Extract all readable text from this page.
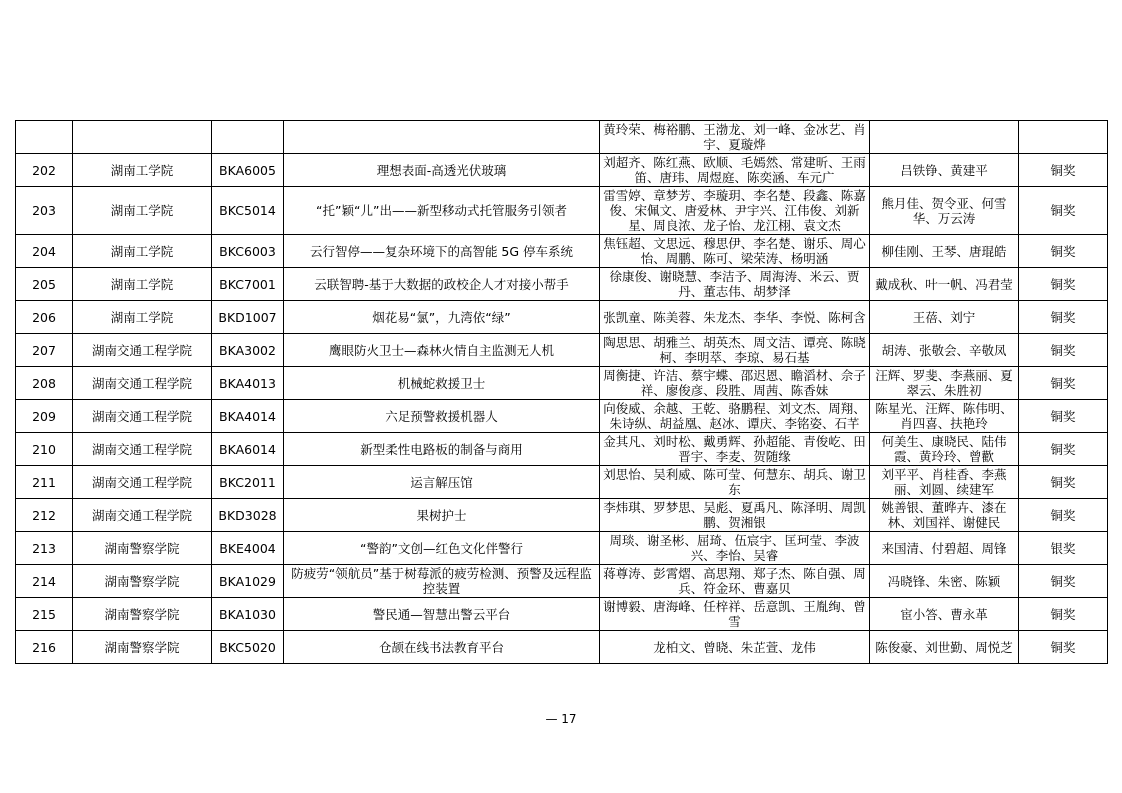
				黄玲荣、梅裕鹏、王渤龙、刘一峰、金冰艺、肖宇、夏璇烨		
202	湖南工学院	BKA6005	理想表面-高透光伏玻璃	刘超齐、陈红燕、欧顺、毛嫣然、常建昕、王雨笛、唐玮、周煜庭、陈奕涵、车元广	吕铁铮、黄建平	铜奖
203	湖南工学院	BKC5014	“托”颖“儿”出——新型移动式托管服务引领者	雷雪婷、章梦芳、李璇玥、李名楚、段鑫、陈嘉俊、宋佩文、唐爱林、尹宇兴、江伟俊、刘新星、周良浓、龙子怡、龙江栩、袁文杰	熊月佳、贺令亚、何雪华、万云涛	铜奖
204	湖南工学院	BKC6003	云行智停——复杂环境下的高智能 5G 停车系统	焦钰超、文思远、穆思伊、李名楚、谢乐、周心怡、周鹏、陈可、梁荣涛、杨明涵	柳佳刚、王琴、唐琨皓	铜奖
205	湖南工学院	BKC7001	云联智聘-基于大数据的政校企人才对接小帮手	徐康俊、谢晓慧、李洁予、周海涛、米云、贾丹、董志伟、胡梦泽	戴成秋、叶一帆、冯君莹	铜奖
206	湖南工学院	BKD1007	烟花易“氯”，九湾依“绿”	张凯童、陈美蓉、朱龙杰、李华、李悦、陈柯含	王蓓、刘宁	铜奖
207	湖南交通工程学院	BKA3002	鹰眼防火卫士—森林火情自主监测无人机	陶思思、胡雅兰、胡英杰、周文洁、谭亮、陈晓柯、李明萃、李琼、易石基	胡涛、张敬会、辛敬凤	铜奖
208	湖南交通工程学院	BKA4013	机械蛇救援卫士	周衡捷、许洁、蔡宇蝶、邵迟恩、瞻滔材、佘子祥、廖俊彦、段胜、周茜、陈香妹	汪辉、罗斐、李燕丽、夏翠云、朱胜初	铜奖
209	湖南交通工程学院	BKA4014	六足预警救援机器人	向俊威、余越、王乾、骆鹏程、刘文杰、周翔、朱诗纵、胡益凰、赵冰、谭庆、李铭姿、石芊	陈星光、汪辉、陈伟明、肖四喜、扶艳玲	铜奖
210	湖南交通工程学院	BKA6014	新型柔性电路板的制备与商用	金其凡、刘时松、戴勇辉、孙超能、青俊屹、田晋宇、李麦、贺随缘	何美生、康晓民、陆伟霞、黄玲玲、曾歡	铜奖
211	湖南交通工程学院	BKC2011	运言解压馆	刘思怡、吴利威、陈可莹、何慧东、胡兵、谢卫东	刘平平、肖桂香、李燕丽、刘圆、续建军	铜奖
212	湖南交通工程学院	BKD3028	果树护士	李炜琪、罗梦思、吴彪、夏禹凡、陈泽明、周凯鹏、贺湘银	姚善银、董晔卉、漆在林、刘国祥、谢健民	铜奖
213	湖南警察学院	BKE4004	“警韵”文创—红色文化伴警行	周琰、谢圣彬、屈琦、伍宸宇、匡珂莹、李波兴、李怡、吴睿	来国清、付碧超、周锋	银奖
214	湖南警察学院	BKA1029	防疲劳“领航员”基于树莓派的疲劳检测、预警及远程监控装置	蒋尊涛、彭霄熠、高思翔、郑子杰、陈自强、周兵、符金环、曹嘉贝	冯晓锋、朱密、陈颖	铜奖
215	湖南警察学院	BKA1030	警民通—智慧出警云平台	谢博毅、唐海峰、任梓祥、岳意凯、王胤绚、曾雪	宦小答、曹永革	铜奖
216	湖南警察学院	BKC5020	仓颉在线书法教育平台	龙柏文、曾晓、朱芷萱、龙伟	陈俊豪、刘世勤、周悦芝	铜奖
— 17
